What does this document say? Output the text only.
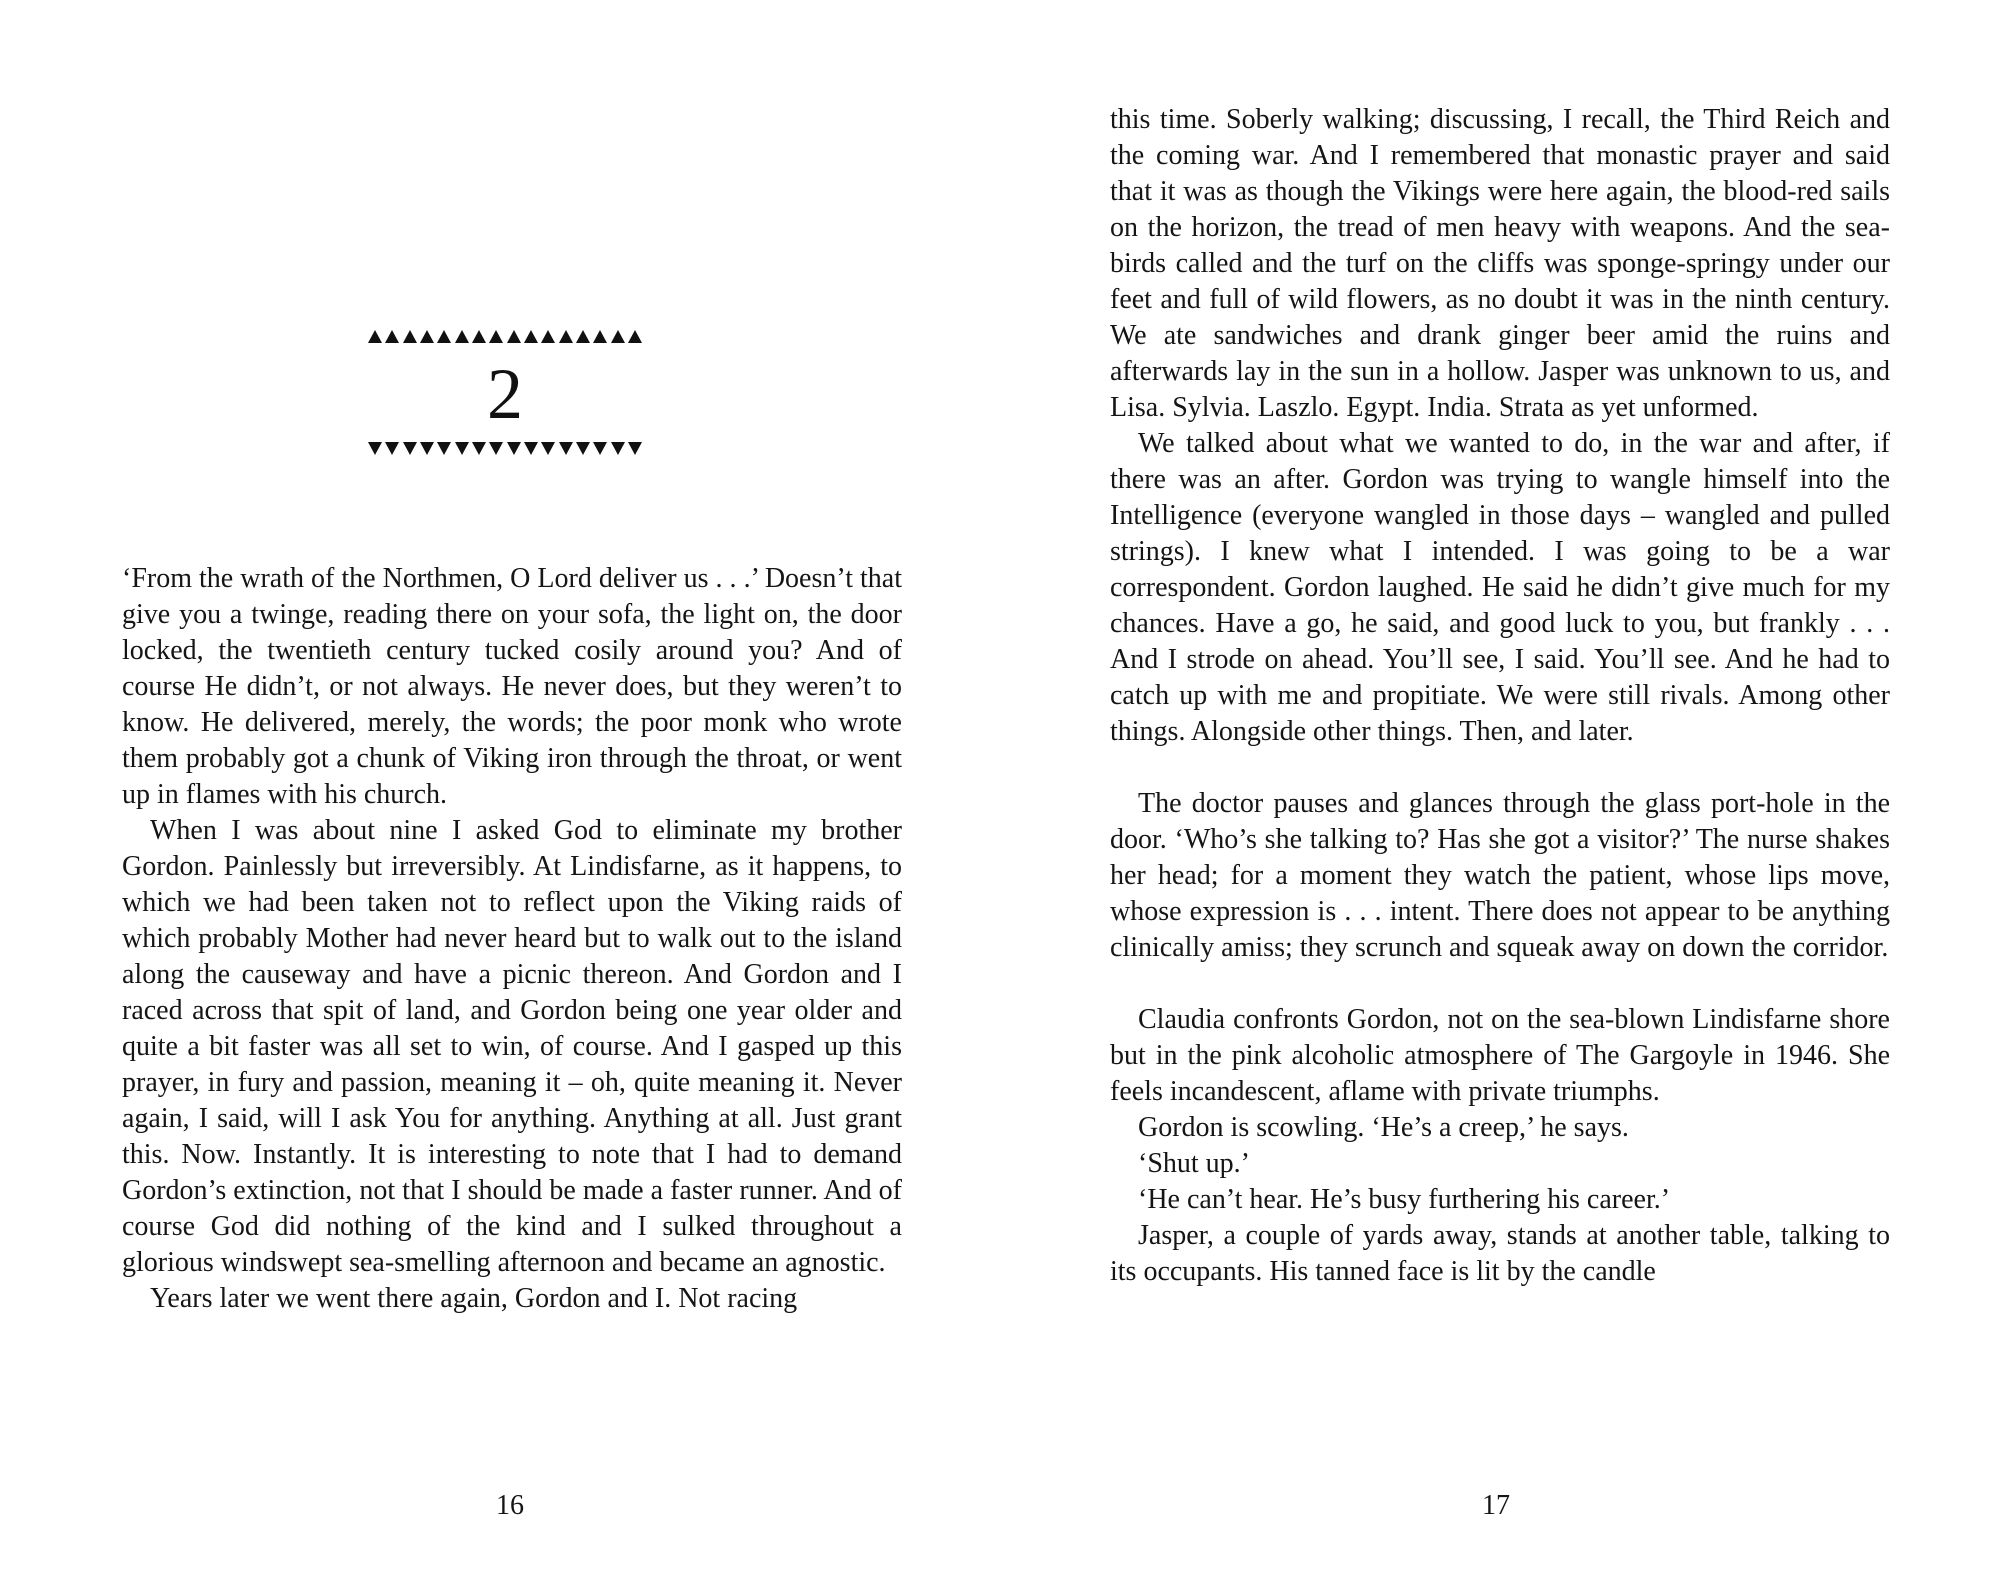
2

‘From the wrath of the Northmen, O Lord deliver us . . .’ Doesn’t that give you a twinge, reading there on your sofa, the light on, the door locked, the twentieth century tucked cosily around you? And of course He didn’t, or not always. He never does, but they weren’t to know. He delivered, merely, the words; the poor monk who wrote them probably got a chunk of Viking iron through the throat, or went up in flames with his church.

When I was about nine I asked God to eliminate my brother Gordon. Painlessly but irreversibly. At Lindisfarne, as it happens, to which we had been taken not to reflect upon the Viking raids of which probably Mother had never heard but to walk out to the island along the causeway and have a picnic thereon. And Gordon and I raced across that spit of land, and Gordon being one year older and quite a bit faster was all set to win, of course. And I gasped up this prayer, in fury and passion, meaning it – oh, quite meaning it. Never again, I said, will I ask You for anything. Anything at all. Just grant this. Now. Instantly. It is interesting to note that I had to demand Gordon’s extinction, not that I should be made a faster runner. And of course God did nothing of the kind and I sulked throughout a glorious windswept sea-smelling afternoon and became an agnostic.

Years later we went there again, Gordon and I. Not racing

16

this time. Soberly walking; discussing, I recall, the Third Reich and the coming war. And I remembered that monastic prayer and said that it was as though the Vikings were here again, the blood-red sails on the horizon, the tread of men heavy with weapons. And the sea-birds called and the turf on the cliffs was sponge-springy under our feet and full of wild flowers, as no doubt it was in the ninth century. We ate sandwiches and drank ginger beer amid the ruins and afterwards lay in the sun in a hollow. Jasper was unknown to us, and Lisa. Sylvia. Laszlo. Egypt. India. Strata as yet unformed.

We talked about what we wanted to do, in the war and after, if there was an after. Gordon was trying to wangle himself into the Intelligence (everyone wangled in those days – wangled and pulled strings). I knew what I intended. I was going to be a war correspondent. Gordon laughed. He said he didn’t give much for my chances. Have a go, he said, and good luck to you, but frankly . . . And I strode on ahead. You’ll see, I said. You’ll see. And he had to catch up with me and propitiate. We were still rivals. Among other things. Alongside other things. Then, and later.

The doctor pauses and glances through the glass port-hole in the door. ‘Who’s she talking to? Has she got a visitor?’ The nurse shakes her head; for a moment they watch the patient, whose lips move, whose expression is . . . intent. There does not appear to be anything clinically amiss; they scrunch and squeak away on down the corridor.

Claudia confronts Gordon, not on the sea-blown Lindisfarne shore but in the pink alcoholic atmosphere of The Gargoyle in 1946. She feels incandescent, aflame with private triumphs.

Gordon is scowling. ‘He’s a creep,’ he says.

‘Shut up.’

‘He can’t hear. He’s busy furthering his career.’

Jasper, a couple of yards away, stands at another table, talking to its occupants. His tanned face is lit by the candle

17
